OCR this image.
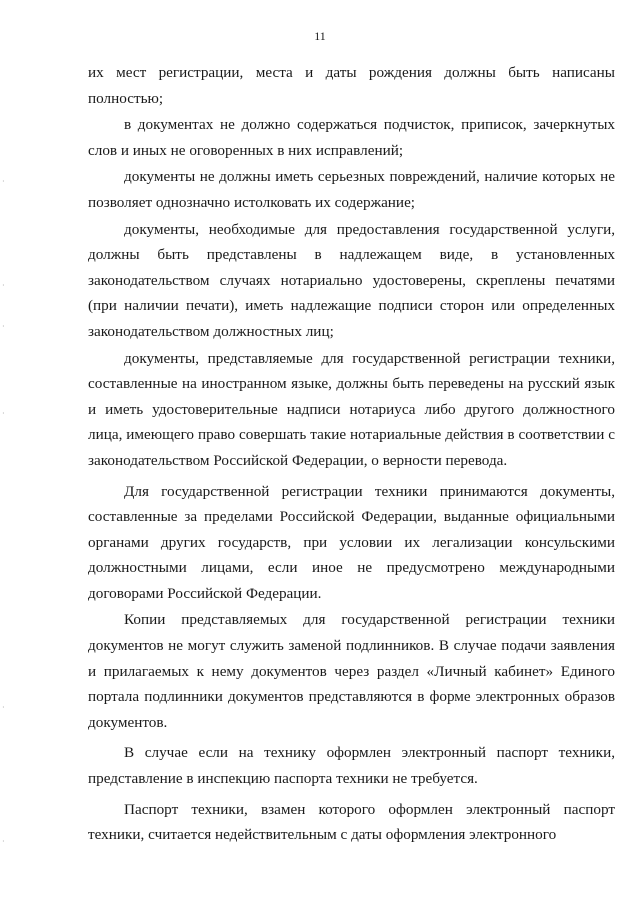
11
·
·
·
·
·
·

их мест регистрации, места и даты рождения должны быть написаны полностью;

в документах не должно содержаться подчисток, приписок, зачеркнутых слов и иных не оговоренных в них исправлений;

документы не должны иметь серьезных повреждений, наличие которых не позволяет однозначно истолковать их содержание;

документы, необходимые для предоставления государственной услуги, должны быть представлены в надлежащем виде, в установленных законодательством случаях нотариально удостоверены, скреплены печатями (при наличии печати), иметь надлежащие подписи сторон или определенных законодательством должностных лиц;

документы, представляемые для государственной регистрации техники, составленные на иностранном языке, должны быть переведены на русский язык и иметь удостоверительные надписи нотариуса либо другого должностного лица, имеющего право совершать такие нотариальные действия в соответствии с законодательством Российской Федерации, о верности перевода.

Для государственной регистрации техники принимаются документы, составленные за пределами Российской Федерации, выданные официальными органами других государств, при условии их легализации консульскими должностными лицами, если иное не предусмотрено международными договорами Российской Федерации.

Копии представляемых для государственной регистрации техники документов не могут служить заменой подлинников. В случае подачи заявления и прилагаемых к нему документов через раздел «Личный кабинет» Единого портала подлинники документов представляются в форме электронных образов документов.

В случае если на технику оформлен электронный паспорт техники, представление в инспекцию паспорта техники не требуется.

Паспорт техники, взамен которого оформлен электронный паспорт техники, считается недействительным с даты оформления электронного
